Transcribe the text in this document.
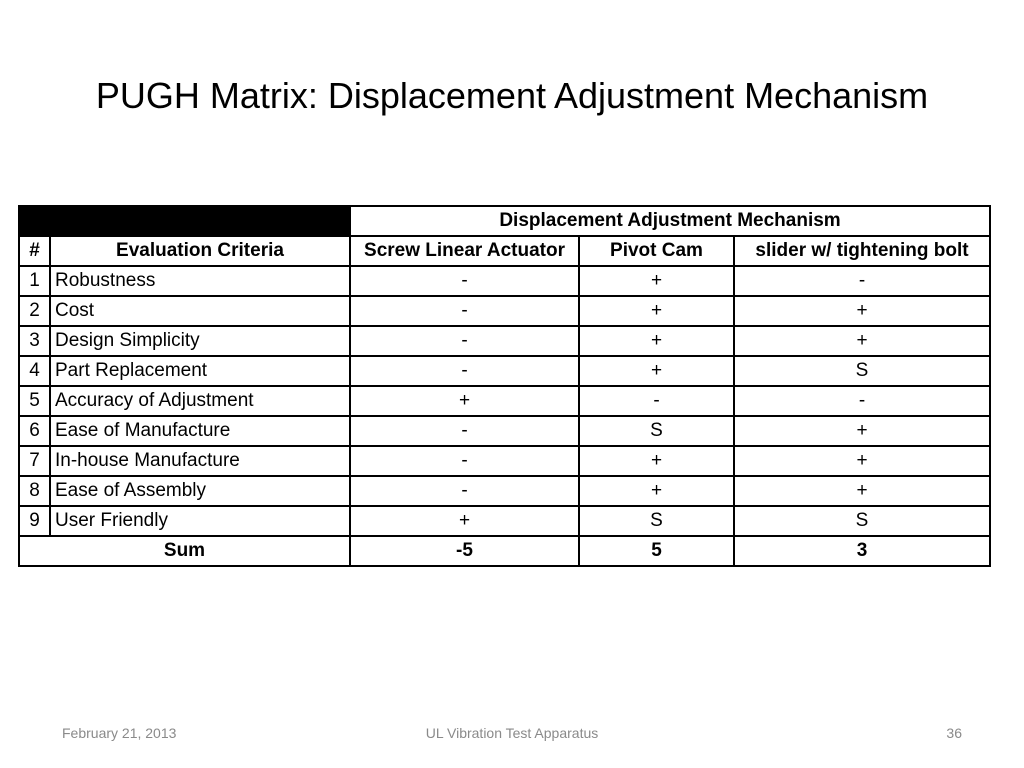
PUGH Matrix: Displacement Adjustment Mechanism
		Displacement Adjustment Mechanism		
#	Evaluation Criteria	Screw Linear Actuator	Pivot Cam	slider w/ tightening bolt
1	Robustness	-	+	-
2	Cost	-	+	+
3	Design Simplicity	-	+	+
4	Part Replacement	-	+	S
5	Accuracy of Adjustment	+	-	-
6	Ease of Manufacture	-	S	+
7	In-house Manufacture	-	+	+
8	Ease of Assembly	-	+	+
9	User Friendly	+	S	S
Sum		-5	5	3
February 21, 2013	UL Vibration Test Apparatus	36
